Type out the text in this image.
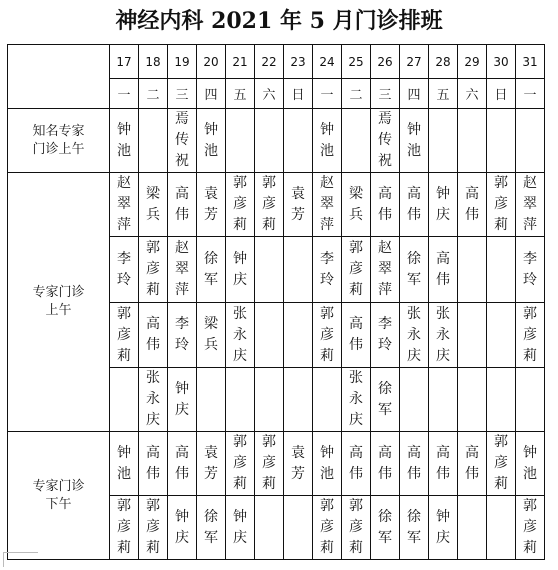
神经内科 2021 年 5 月门诊排班
	17	18	19	20	21	22	23	24	25	26	27	28	29	30	31
	一	二	三	四	五	六	日	一	二	三	四	五	六	日	一

知名专家门诊上午	钟池		焉传祝	钟池				钟池		焉传祝	钟池				

专家门诊上午	赵翠萍	梁兵	高伟	袁芳	郭彦莉	郭彦莉	袁芳	赵翠萍	梁兵	高伟	高伟	钟庆	高伟	郭彦莉	赵翠萍
	李玲	郭彦莉	赵翠萍	徐军	钟庆			李玲	郭彦莉	赵翠萍	徐军	高伟			李玲
	郭彦莉	高伟	李玲	梁兵	张永庆			郭彦莉	高伟	李玲	张永庆	张永庆			郭彦莉
		张永庆	钟庆						张永庆	徐军					

专家门诊下午	钟池	高伟	高伟	袁芳	郭彦莉	郭彦莉	袁芳	钟池	高伟	高伟	高伟	高伟	高伟	郭彦莉	钟池
	郭彦莉	郭彦莉	钟庆	徐军	钟庆			郭彦莉	郭彦莉	徐军	徐军	钟庆			郭彦莉
